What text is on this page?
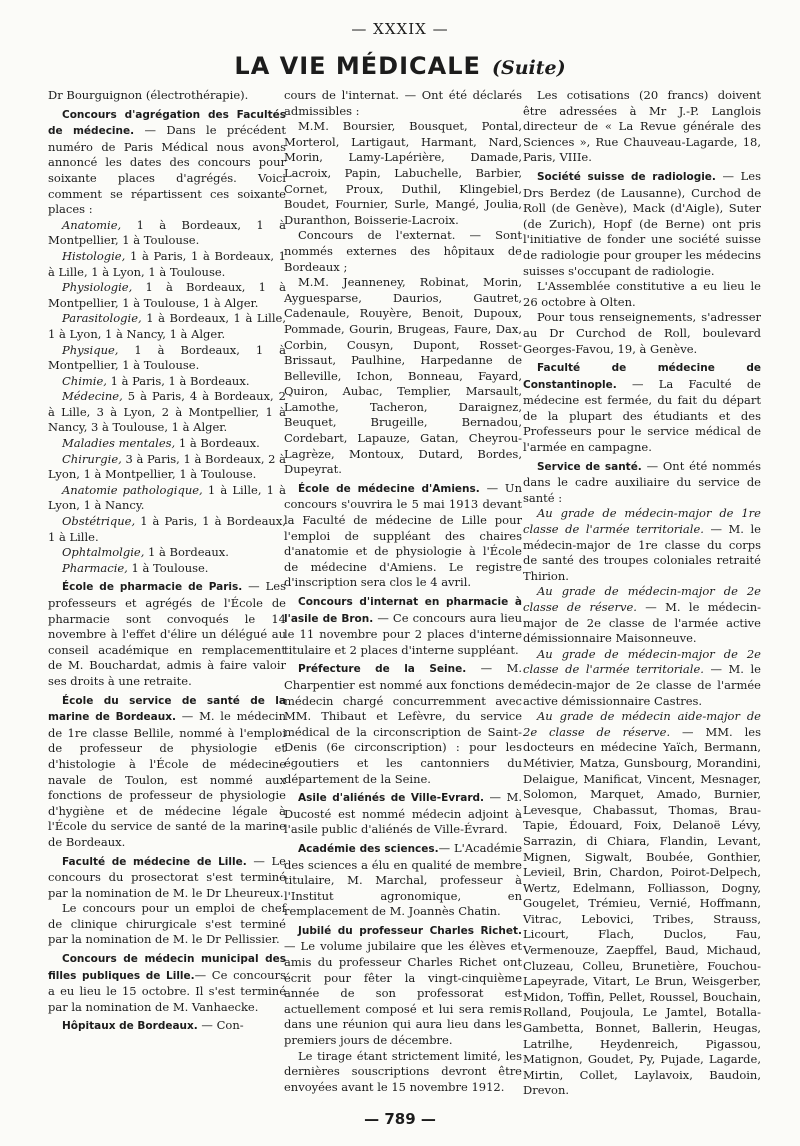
— XXXIX —
LA VIE MÉDICALE (Suite)

Dr Bourguignon (électrothérapie).

Concours d'agrégation des Facultés de médecine. — Dans le précédent numéro de Paris Médical nous avons annoncé les dates des concours pour soixante places d'agrégés. Voici comment se répartissent ces soixante places :

Anatomie, 1 à Bordeaux, 1 à Montpellier, 1 à Toulouse.

Histologie, 1 à Paris, 1 à Bordeaux, 1 à Lille, 1 à Lyon, 1 à Toulouse.

Physiologie, 1 à Bordeaux, 1 à Montpellier, 1 à Toulouse, 1 à Alger.

Parasitologie, 1 à Bordeaux, 1 à Lille, 1 à Lyon, 1 à Nancy, 1 à Alger.

Physique, 1 à Bordeaux, 1 à Montpellier, 1 à Toulouse.

Chimie, 1 à Paris, 1 à Bordeaux.

Médecine, 5 à Paris, 4 à Bordeaux, 2 à Lille, 3 à Lyon, 2 à Montpellier, 1 à Nancy, 3 à Toulouse, 1 à Alger.

Maladies mentales, 1 à Bordeaux.

Chirurgie, 3 à Paris, 1 à Bordeaux, 2 à Lyon, 1 à Montpellier, 1 à Toulouse.

Anatomie pathologique, 1 à Lille, 1 à Lyon, 1 à Nancy.

Obstétrique, 1 à Paris, 1 à Bordeaux, 1 à Lille.

Ophtalmolgie, 1 à Bordeaux.

Pharmacie, 1 à Toulouse.

École de pharmacie de Paris. — Les professeurs et agrégés de l'École de pharmacie sont convoqués le 14 novembre à l'effet d'élire un délégué au conseil académique en remplacement de M. Bouchardat, admis à faire valoir ses droits à une retraite.

École du service de santé de la marine de Bordeaux. — M. le médecin de 1re classe Bellile, nommé à l'emploi de professeur de physiologie et d'histologie à l'École de médecine navale de Toulon, est nommé aux fonctions de professeur de physiologie d'hygiène et de médecine légale à l'École du service de santé de la marine de Bordeaux.

Faculté de médecine de Lille. — Le concours du prosectorat s'est terminé par la nomination de M. le Dr Lheureux.

Le concours pour un emploi de chef de clinique chirurgicale s'est terminé par la nomination de M. le Dr Pellissier.

Concours de médecin municipal des filles publiques de Lille.— Ce concours a eu lieu le 15 octobre. Il s'est terminé par la nomination de M. Vanhaecke.

Hôpitaux de Bordeaux. — Con-

cours de l'internat. — Ont été déclarés admissibles :

M.M. Boursier, Bousquet, Pontal, Morterol, Lartigaut, Harmant, Nard, Morin, Lamy-Lapérière, Damade, Lacroix, Papin, Labuchelle, Barbier, Cornet, Proux, Duthil, Klingebiel, Boudet, Fournier, Surle, Mangé, Joulia, Duranthon, Boisserie-Lacroix.

Concours de l'externat. — Sont nommés externes des hôpitaux de Bordeaux ;

M.M. Jeanneney, Robinat, Morin, Ayguesparse, Daurios, Gautret, Cadenaule, Rouyère, Benoit, Dupoux, Pommade, Gourin, Brugeas, Faure, Dax, Corbin, Cousyn, Dupont, Rosset-Brissaut, Paulhine, Harpedanne de Belleville, Ichon, Bonneau, Fayard, Quiron, Aubac, Templier, Marsault, Lamothe, Tacheron, Daraignez, Beuquet, Brugeille, Bernadou, Cordebart, Lapauze, Gatan, Cheyrou-Lagrèze, Montoux, Dutard, Bordes, Dupeyrat.

École de médecine d'Amiens. — Un concours s'ouvrira le 5 mai 1913 devant la Faculté de médecine de Lille pour l'emploi de suppléant des chaires d'anatomie et de physiologie à l'École de médecine d'Amiens. Le registre d'inscription sera clos le 4 avril.

Concours d'internat en pharmacie à l'asile de Bron. — Ce concours aura lieu le 11 novembre pour 2 places d'interne titulaire et 2 places d'interne suppléant.

Préfecture de la Seine. — M. Charpentier est nommé aux fonctions de médecin chargé concurremment avec MM. Thibaut et Lefèvre, du service médical de la circonscription de Saint-Denis (6e circonscription) : pour les égoutiers et les cantonniers du département de la Seine.

Asile d'aliénés de Ville-Evrard. — M. Ducosté est nommé médecin adjoint à l'asile public d'aliénés de Ville-Évrard.

Académie des sciences.— L'Académie des sciences a élu en qualité de membre titulaire, M. Marchal, professeur à l'Institut agronomique, en remplacement de M. Joannès Chatin.

Jubilé du professeur Charles Richet. — Le volume jubilaire que les élèves et amis du professeur Charles Richet ont écrit pour fêter la vingt-cinquième année de son professorat est actuellement composé et lui sera remis dans une réunion qui aura lieu dans les premiers jours de décembre.

Le tirage étant strictement limité, les dernières souscriptions devront être envoyées avant le 15 novembre 1912.

Les cotisations (20 francs) doivent être adressées à Mr J.-P. Langlois directeur de « La Revue générale des Sciences », Rue Chauveau-Lagarde, 18, Paris, VIIIe.

Société suisse de radiologie. — Les Drs Berdez (de Lausanne), Curchod de Roll (de Genève), Mack (d'Aigle), Suter (de Zurich), Hopf (de Berne) ont pris l'initiative de fonder une société suisse de radiologie pour grouper les médecins suisses s'occupant de radiologie.

L'Assemblée constitutive a eu lieu le 26 octobre à Olten.

Pour tous renseignements, s'adresser au Dr Curchod de Roll, boulevard Georges-Favou, 19, à Genève.

Faculté de médecine de Constantinople. — La Faculté de médecine est fermée, du fait du départ de la plupart des étudiants et des Professeurs pour le service médical de l'armée en campagne.

Service de santé. — Ont été nommés dans le cadre auxiliaire du service de santé :

Au grade de médecin-major de 1re classe de l'armée territoriale. — M. le médecin-major de 1re classe du corps de santé des troupes coloniales retraité Thirion.

Au grade de médecin-major de 2e classe de réserve. — M. le médecin-major de 2e classe de l'armée active démissionnaire Maisonneuve.

Au grade de médecin-major de 2e classe de l'armée territoriale. — M. le médecin-major de 2e classe de l'armée active démissionnaire Castres.

Au grade de médecin aide-major de 2e classe de réserve. — MM. les docteurs en médecine Yaïch, Bermann, Métivier, Matza, Gunsbourg, Morandini, Delaigue, Manificat, Vincent, Mesnager, Solomon, Marquet, Amado, Burnier, Levesque, Chabassut, Thomas, Brau-Tapie, Édouard, Foix, Delanoë Lévy, Sarrazin, di Chiara, Flandin, Levant, Mignen, Sigwalt, Boubée, Gonthier, Levieil, Brin, Chardon, Poirot-Delpech, Wertz, Edelmann, Folliasson, Dogny, Gougelet, Trémieu, Vernié, Hoffmann, Vitrac, Lebovici, Tribes, Strauss, Licourt, Flach, Duclos, Fau, Vermenouze, Zaepffel, Baud, Michaud, Cluzeau, Colleu, Brunetière, Fouchou-Lapeyrade, Vitart, Le Brun, Weisgerber, Midon, Toffin, Pellet, Roussel, Bouchain, Rolland, Poujoula, Le Jamtel, Botalla-Gambetta, Bonnet, Ballerin, Heugas, Latrilhe, Heydenreich, Pigassou, Matignon, Goudet, Py, Pujade, Lagarde, Mirtin, Collet, Laylavoix, Baudoin, Drevon.

— 789 —
